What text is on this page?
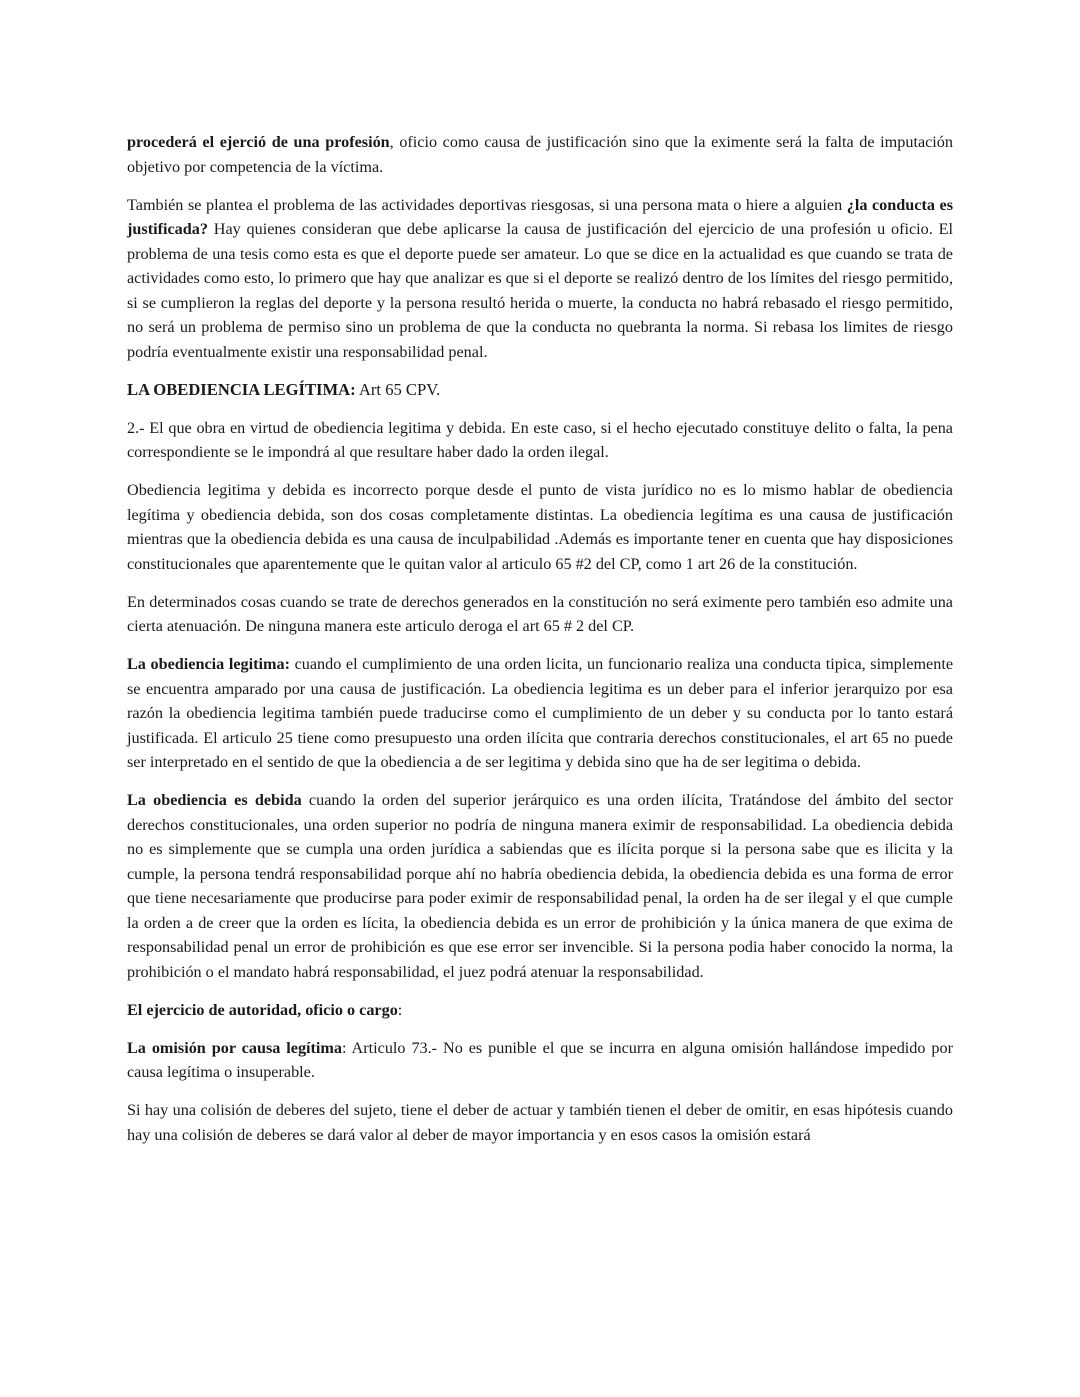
procederá el ejerció de una profesión, oficio como causa de justificación sino que la eximente será la falta de imputación objetivo por competencia de la víctima.

También se plantea el problema de las actividades deportivas riesgosas, si una persona mata o hiere a alguien ¿la conducta es justificada? Hay quienes consideran que debe aplicarse la causa de justificación del ejercicio de una profesión u oficio. El problema de una tesis como esta es que el deporte puede ser amateur. Lo que se dice en la actualidad es que cuando se trata de actividades como esto, lo primero que hay que analizar es que si el deporte se realizó dentro de los límites del riesgo permitido, si se cumplieron la reglas del deporte y la persona resultó herida o muerte, la conducta no habrá rebasado el riesgo permitido, no será un problema de permiso sino un problema de que la conducta no quebranta la norma. Si rebasa los limites de riesgo podría eventualmente existir una responsabilidad penal.

LA OBEDIENCIA LEGÍTIMA: Art 65 CPV.

2.- El que obra en virtud de obediencia legitima y debida. En este caso, si el hecho ejecutado constituye delito o falta, la pena correspondiente se le impondrá al que resultare haber dado la orden ilegal.

Obediencia legitima y debida es incorrecto porque desde el punto de vista jurídico no es lo mismo hablar de obediencia legítima y obediencia debida, son dos cosas completamente distintas. La obediencia legítima es una causa de justificación mientras que la obediencia debida es una causa de inculpabilidad .Además es importante tener en cuenta que hay disposiciones constitucionales que aparentemente que le quitan valor al articulo 65 #2 del CP, como 1 art 26 de la constitución.

En determinados cosas cuando se trate de derechos generados en la constitución no será eximente pero también eso admite una cierta atenuación. De ninguna manera este articulo deroga el art 65 # 2 del CP.

La obediencia legitima: cuando el cumplimiento de una orden licita, un funcionario realiza una conducta tipica, simplemente se encuentra amparado por una causa de justificación. La obediencia legitima es un deber para el inferior jerarquizo por esa razón la obediencia legitima también puede traducirse como el cumplimiento de un deber y su conducta por lo tanto estará justificada. El articulo 25 tiene como presupuesto una orden ilícita que contraria derechos constitucionales, el art 65 no puede ser interpretado en el sentido de que la obediencia a de ser legitima y debida sino que ha de ser legitima o debida.

La obediencia es debida cuando la orden del superior jerárquico es una orden ilícita, Tratándose del ámbito del sector derechos constitucionales, una orden superior no podría de ninguna manera eximir de responsabilidad. La obediencia debida no es simplemente que se cumpla una orden jurídica a sabiendas que es ilícita porque si la persona sabe que es ilicita y la cumple, la persona tendrá responsabilidad porque ahí no habría obediencia debida, la obediencia debida es una forma de error que tiene necesariamente que producirse para poder eximir de responsabilidad penal, la orden ha de ser ilegal y el que cumple la orden a de creer que la orden es lícita, la obediencia debida es un error de prohibición y la única manera de que exima de responsabilidad penal un error de prohibición es que ese error ser invencible. Si la persona podia haber conocido la norma, la prohibición o el mandato habrá responsabilidad, el juez podrá atenuar la responsabilidad.

El ejercicio de autoridad, oficio o cargo:

La omisión por causa legítima: Articulo 73.- No es punible el que se incurra en alguna omisión hallándose impedido por causa legítima o insuperable.

Si hay una colisión de deberes del sujeto, tiene el deber de actuar y también tienen el deber de omitir, en esas hipótesis cuando hay una colisión de deberes se dará valor al deber de mayor importancia y en esos casos la omisión estará
